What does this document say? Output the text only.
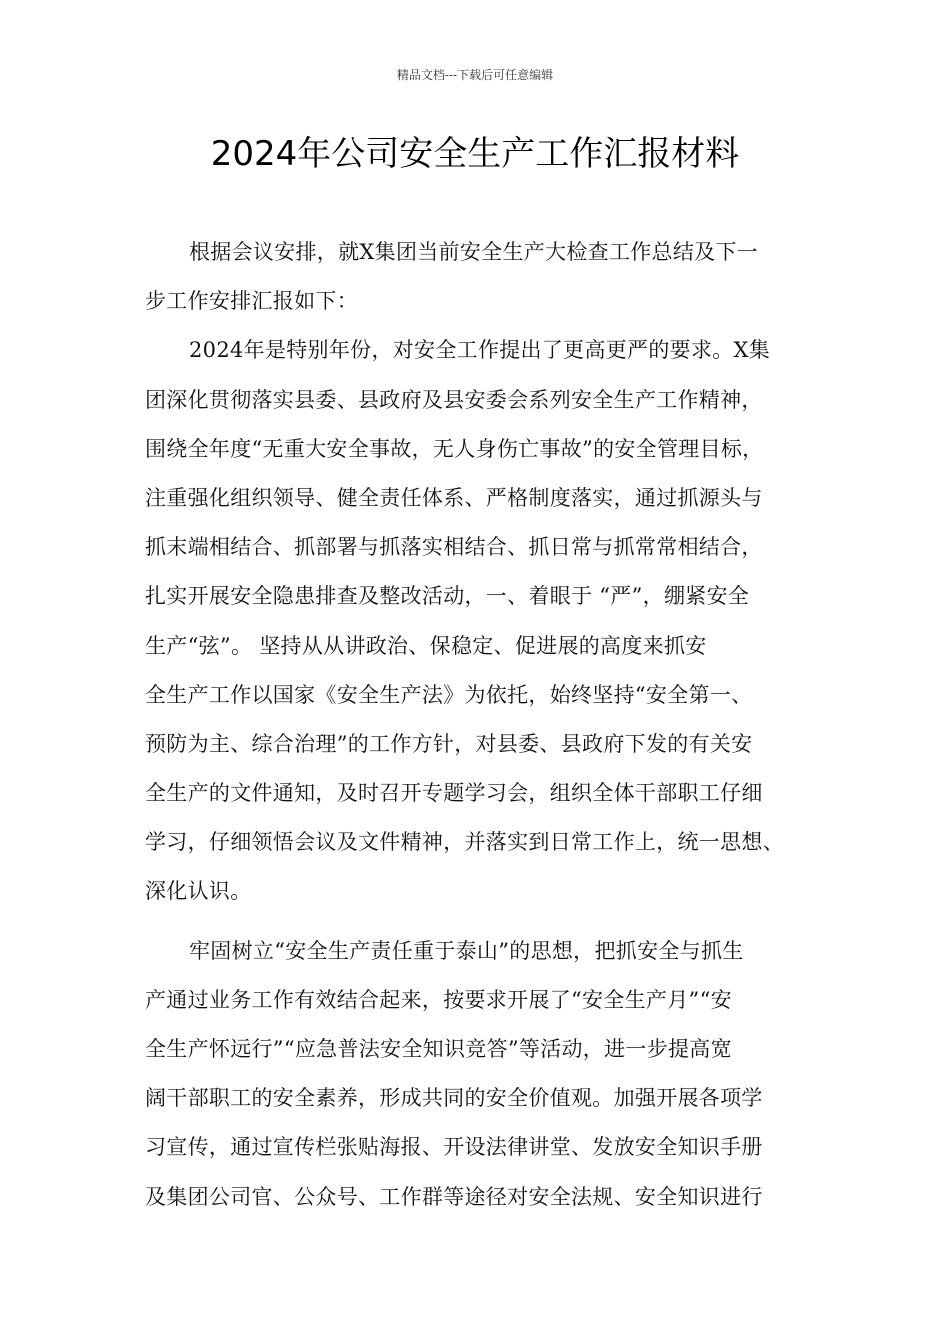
精品文档---下载后可任意编辑
2024年公司安全生产工作汇报材料
根据会议安排，就X集团当前安全生产大检查工作总结及下一
步工作安排汇报如下：
2024年是特别年份，对安全工作提出了更高更严的要求。X集
团深化贯彻落实县委、县政府及县安委会系列安全生产工作精神，
围绕全年度“无重大安全事故，无人身伤亡事故”的安全管理目标，
注重强化组织领导、健全责任体系、严格制度落实，通过抓源头与
抓末端相结合、抓部署与抓落实相结合、抓日常与抓常常相结合，
扎实开展安全隐患排查及整改活动，一、着眼于 “严”，绷紧安全
生产“弦”。 坚持从从讲政治、保稳定、促进展的高度来抓安
全生产工作以国家《安全生产法》为依托，始终坚持“安全第一、
预防为主、综合治理”的工作方针，对县委、县政府下发的有关安
全生产的文件通知，及时召开专题学习会，组织全体干部职工仔细
学习，仔细领悟会议及文件精神，并落实到日常工作上，统一思想、
深化认识。
牢固树立“安全生产责任重于泰山”的思想，把抓安全与抓生
产通过业务工作有效结合起来，按要求开展了“安全生产月”“安
全生产怀远行”“应急普法安全知识竞答”等活动，进一步提高宽
阔干部职工的安全素养，形成共同的安全价值观。加强开展各项学
习宣传，通过宣传栏张贴海报、开设法律讲堂、发放安全知识手册
及集团公司官、公众号、工作群等途径对安全法规、安全知识进行
